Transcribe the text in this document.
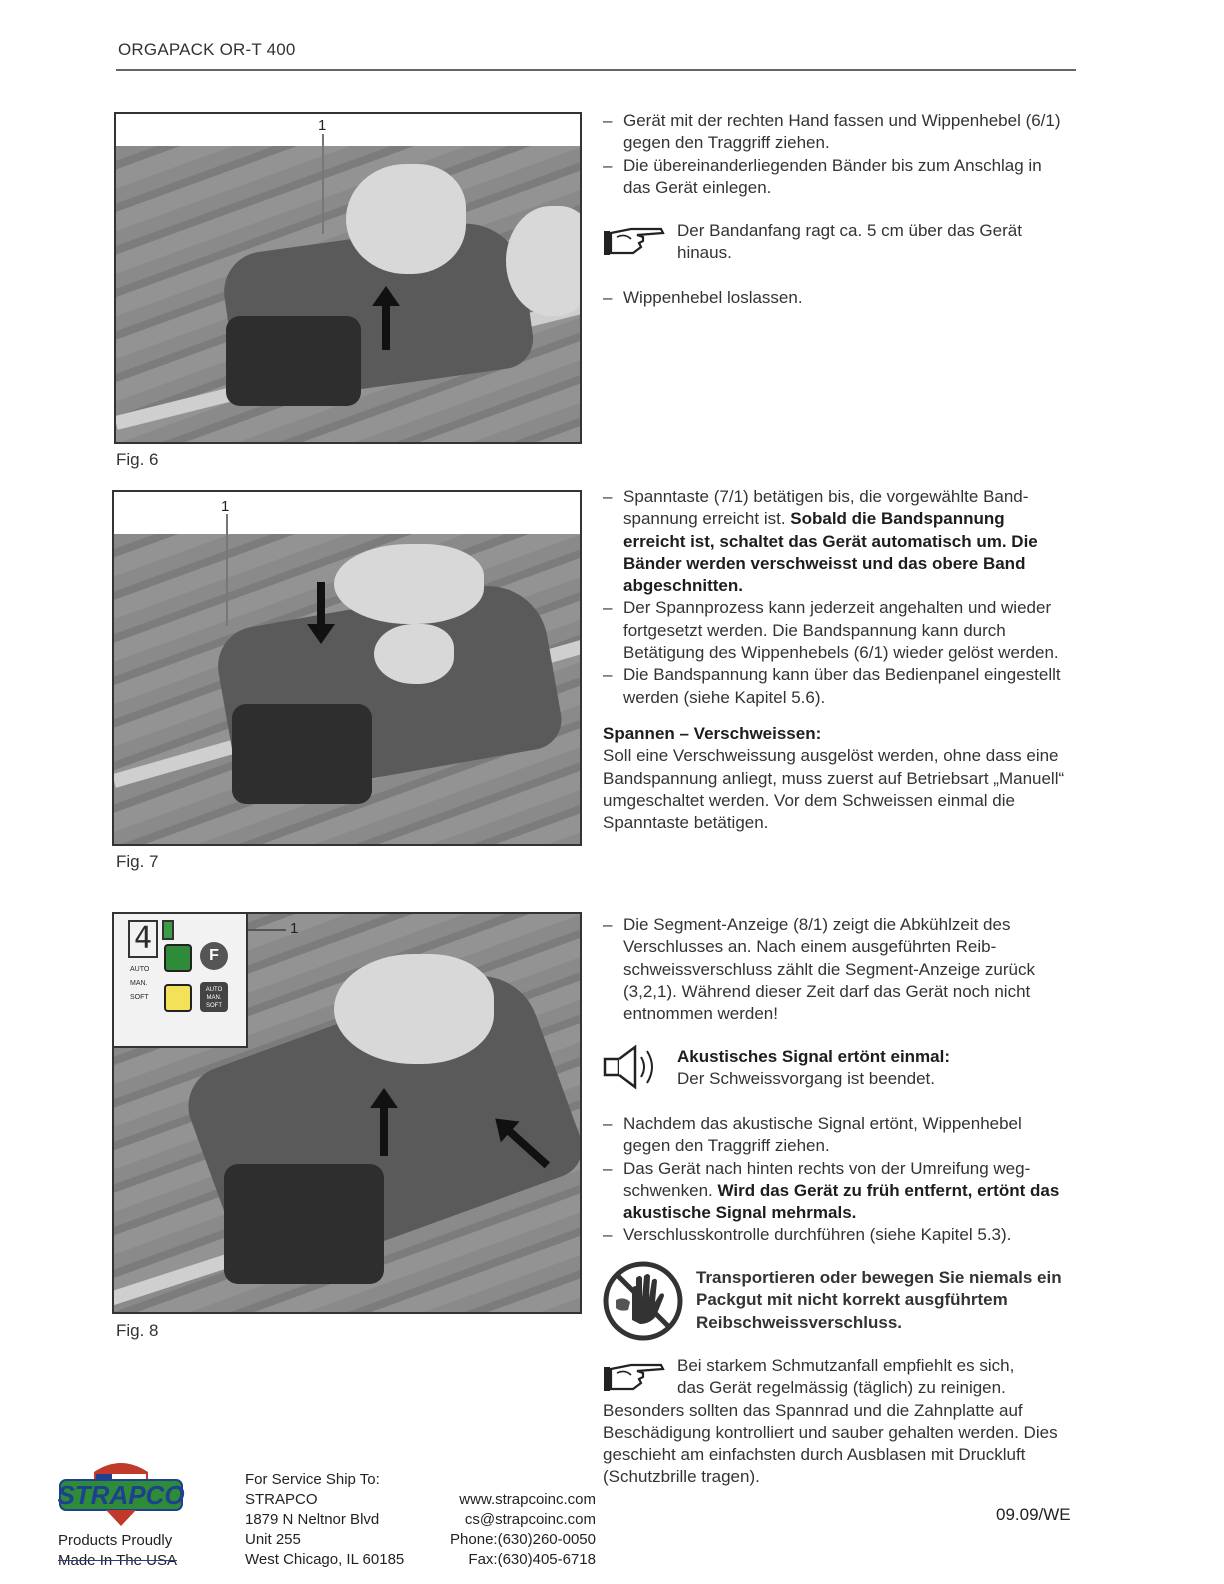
ORGAPACK OR-T 400
1
Fig. 6
– Gerät mit der rechten Hand fassen und Wippenhebel (6/1) gegen den Traggriff ziehen.
– Die übereinanderliegenden Bänder bis zum Anschlag in das Gerät einlegen.
Der Bandanfang ragt ca. 5 cm über das Gerät hinaus.
– Wippenhebel loslassen.
1
Fig. 7
– Spanntaste (7/1) betätigen bis, die vorgewählte Bandspannung erreicht ist. Sobald die Bandspannung erreicht ist, schaltet das Gerät automatisch um. Die Bänder werden verschweisst und das obere Band abgeschnitten.
– Der Spannprozess kann jederzeit angehalten und wieder fortgesetzt werden. Die Bandspannung kann durch Betätigung des Wippenhebels (6/1) wieder gelöst werden.
– Die Bandspannung kann über das Bedienpanel eingestellt werden (siehe Kapitel 5.6).
Spannen – Verschweissen:
Soll eine Verschweissung ausgelöst werden, ohne dass eine Bandspannung anliegt, muss zuerst auf Betriebsart „Manuell“ umgeschaltet werden. Vor dem Schweissen einmal die Spanntaste betätigen.
1
4	F
AUTO
MAN.
SOFT
AUTO
MAN.
SOFT
Fig. 8
– Die Segment-Anzeige (8/1) zeigt die Abkühlzeit des Verschlusses an. Nach einem ausgeführten Reibschweissverschluss zählt die Segment-Anzeige zurück (3,2,1). Während dieser Zeit darf das Gerät noch nicht entnommen werden!
Akustisches Signal ertönt einmal:
Der Schweissvorgang ist beendet.
– Nachdem das akustische Signal ertönt, Wippenhebel gegen den Traggriff ziehen.
– Das Gerät nach hinten rechts von der Umreifung wegschwenken. Wird das Gerät zu früh entfernt, ertönt das akustische Signal mehrmals.
– Verschlusskontrolle durchführen (siehe Kapitel 5.3).
Transportieren oder bewegen Sie niemals ein Packgut mit nicht korrekt ausgführtem Reibschweissverschluss.
Bei starkem Schmutzanfall empfiehlt es sich,
das Gerät regelmässig (täglich) zu reinigen.
Besonders sollten das Spannrad und die Zahnplatte auf Beschädigung kontrolliert und sauber gehalten werden. Dies geschieht am einfachsten durch Ausblasen mit Druckluft (Schutzbrille tragen).
09.09/WE
STRAPCO
Products Proudly
Made In The USA
For Service Ship To:
STRAPCO
1879 N Neltnor Blvd
Unit 255
West Chicago, IL 60185
www.strapcoinc.com
cs@strapcoinc.com
Phone:(630)260-0050
Fax:(630)405-6718
